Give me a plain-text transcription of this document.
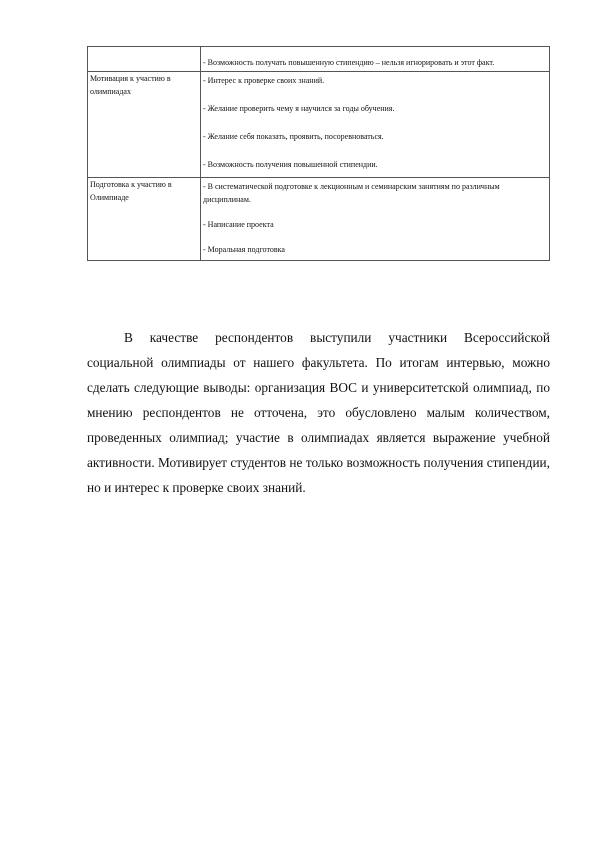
	- Возможность получать повышенную стипендию – нельзя игнорировать и этот факт.

Мотивация к участию в олимпиадах	- Интерес к проверке своих знаний.
- Желание проверить чему я научился за годы обучения.
- Желание себя показать, проявить, посоревноваться.
- Возможность получения повышенной стипендии.

Подготовка к участию в Олимпиаде	- В систематической подготовке к лекционным и семинарским занятиям по различным дисциплинам.
- Написание проекта
- Моральная подготовка

В качестве респондентов выступили участники Всероссийской социальной олимпиады от нашего факультета. По итогам интервью, можно сделать следующие выводы: организация ВОС и университетской олимпиад, по мнению респондентов не отточена, это обусловлено малым количеством, проведенных олимпиад; участие в олимпиадах является выражение учебной активности. Мотивирует студентов не только возможность получения стипендии, но и интерес к проверке своих знаний.
